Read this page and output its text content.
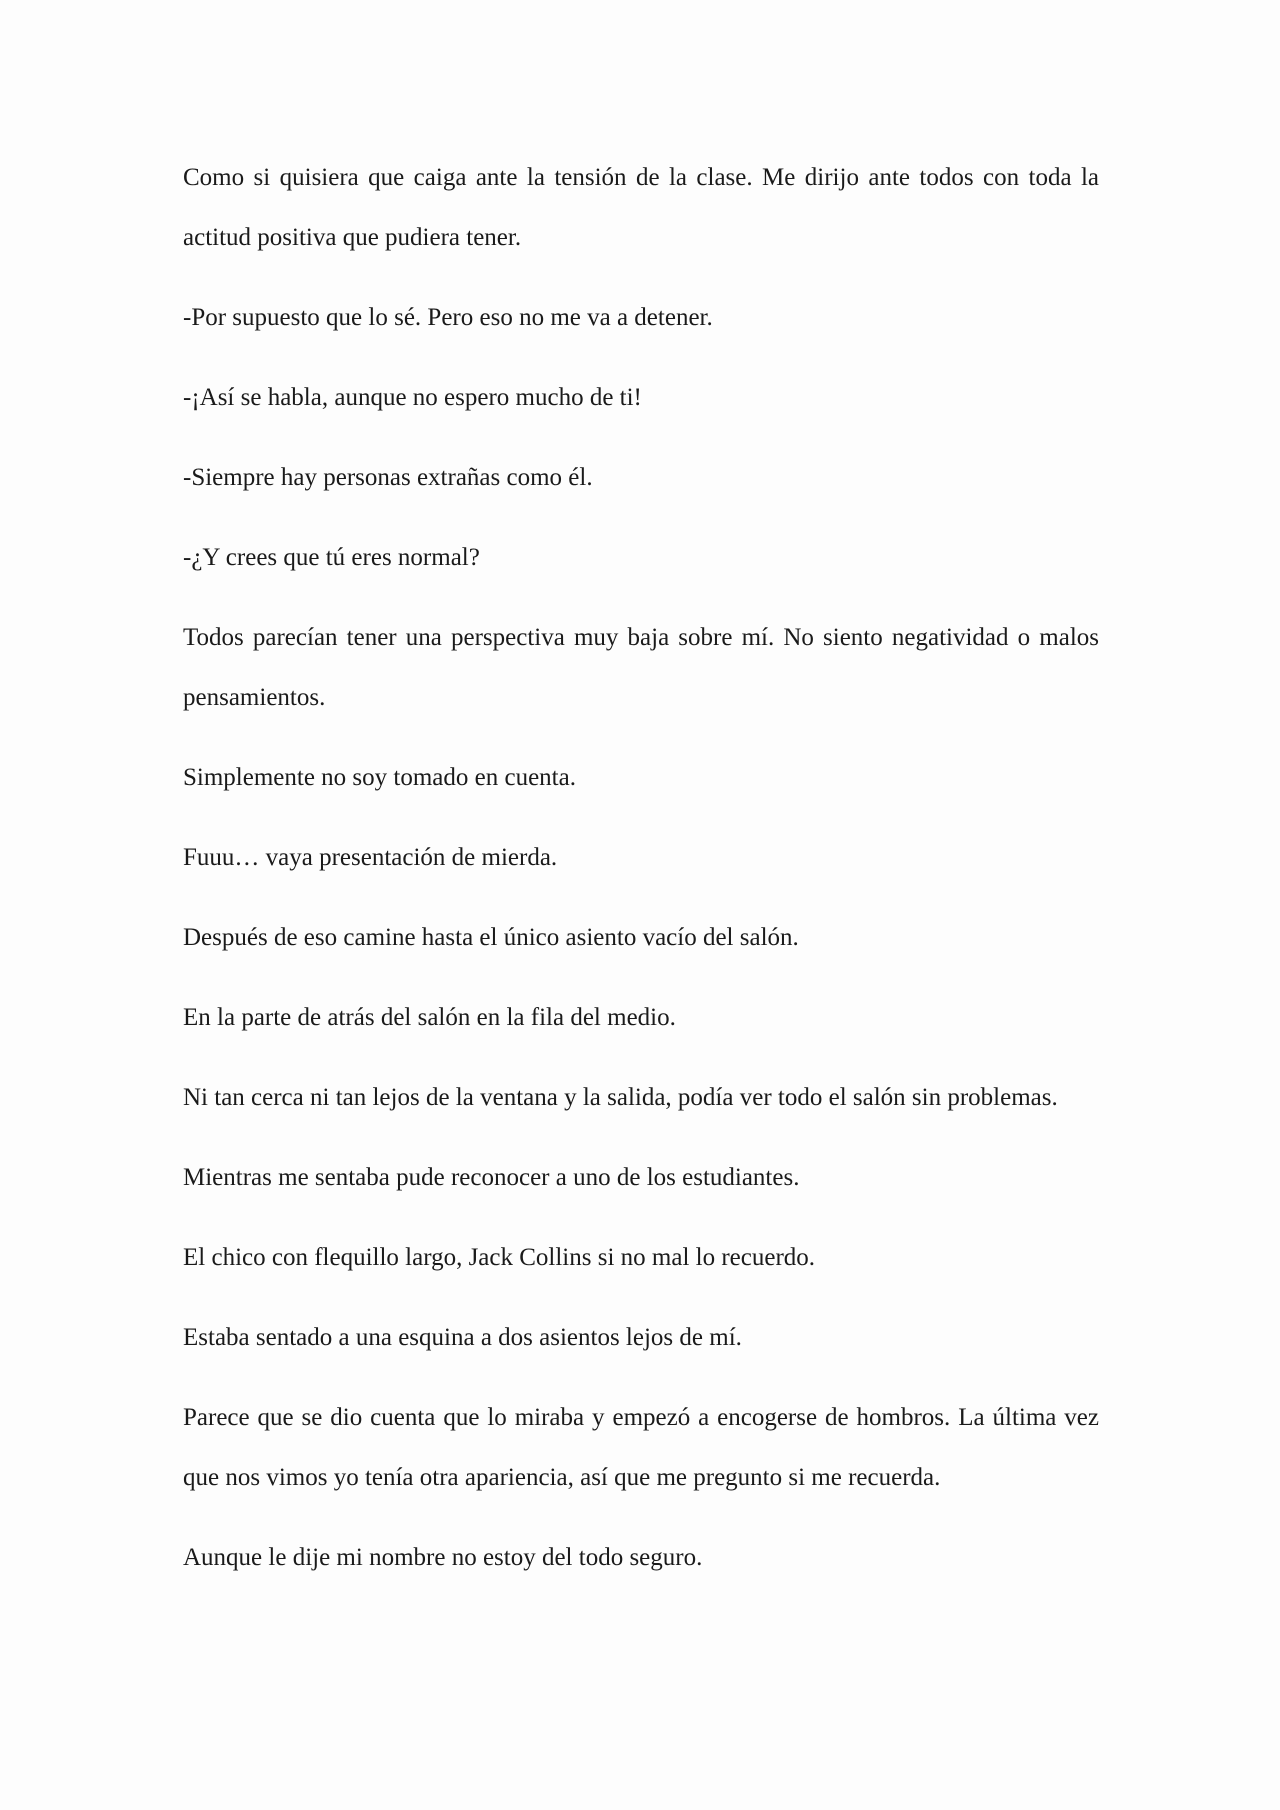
Como si quisiera que caiga ante la tensión de la clase. Me dirijo ante todos con toda la actitud positiva que pudiera tener.

-Por supuesto que lo sé. Pero eso no me va a detener.

-¡Así se habla, aunque no espero mucho de ti!

-Siempre hay personas extrañas como él.

-¿Y crees que tú eres normal?

Todos parecían tener una perspectiva muy baja sobre mí. No siento negatividad o malos pensamientos.

Simplemente no soy tomado en cuenta.

Fuuu… vaya presentación de mierda.

Después de eso camine hasta el único asiento vacío del salón.

En la parte de atrás del salón en la fila del medio.

Ni tan cerca ni tan lejos de la ventana y la salida, podía ver todo el salón sin problemas.

Mientras me sentaba pude reconocer a uno de los estudiantes.

El chico con flequillo largo, Jack Collins si no mal lo recuerdo.

Estaba sentado a una esquina a dos asientos lejos de mí.

Parece que se dio cuenta que lo miraba y empezó a encogerse de hombros. La última vez que nos vimos yo tenía otra apariencia, así que me pregunto si me recuerda.

Aunque le dije mi nombre no estoy del todo seguro.
